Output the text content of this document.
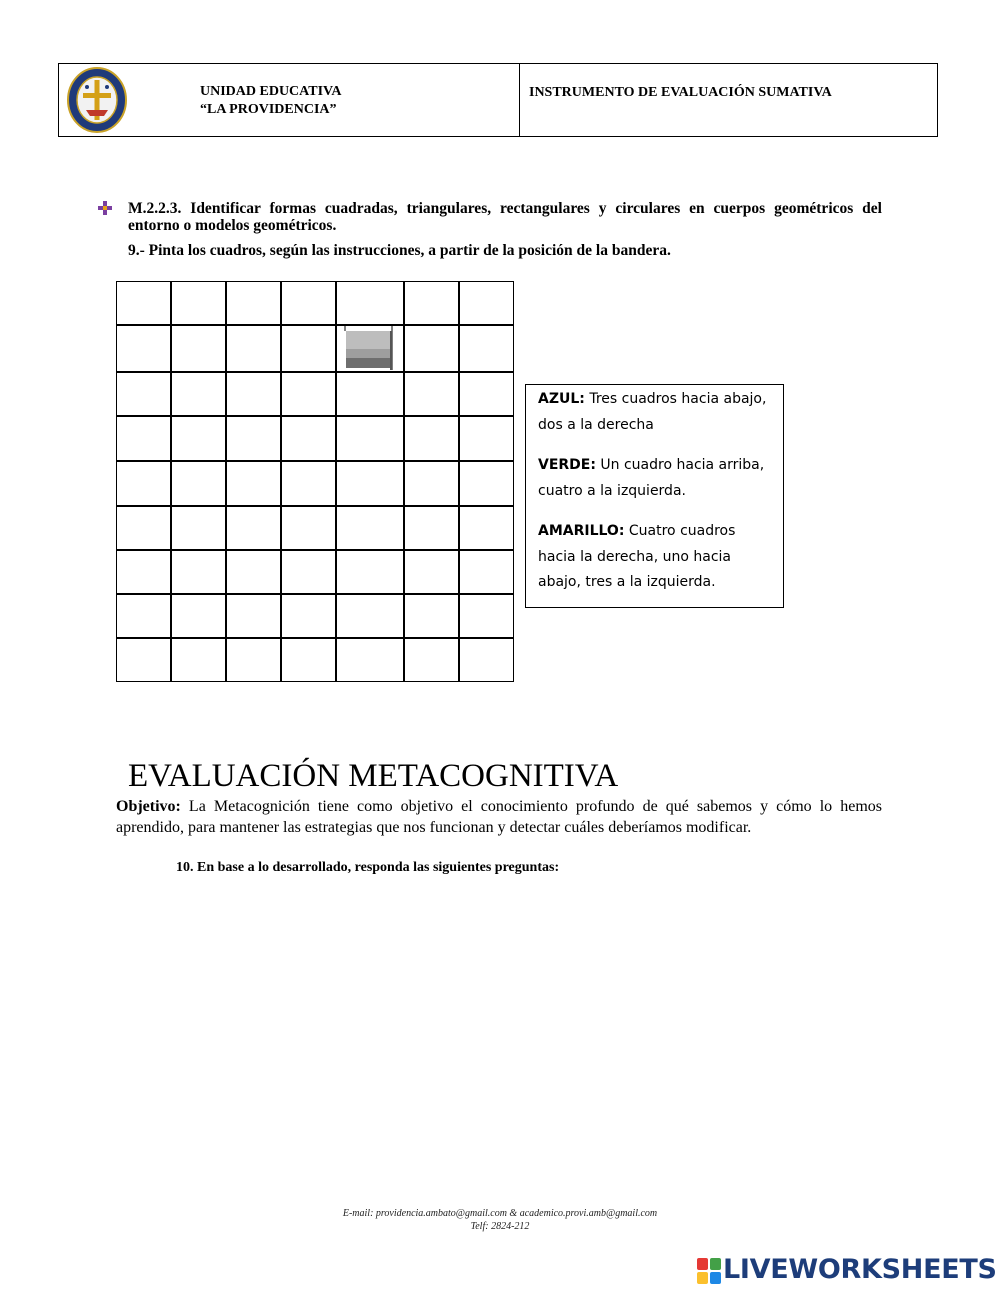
UNIDAD EDUCATIVA
“LA PROVIDENCIA”
INSTRUMENTO DE EVALUACIÓN SUMATIVA
M.2.2.3. Identificar formas cuadradas, triangulares, rectangulares y circulares en cuerpos geométricos del entorno o modelos geométricos.
9.- Pinta los cuadros, según las instrucciones, a partir de la posición de la bandera.

AZUL: Tres cuadros hacia abajo, dos a la derecha

VERDE: Un cuadro hacia arriba, cuatro a la izquierda.

AMARILLO: Cuatro cuadros hacia la derecha, uno hacia abajo, tres a la izquierda.

EVALUACIÓN METACOGNITIVA
Objetivo: La Metacognición tiene como objetivo el conocimiento profundo de qué sabemos y cómo lo hemos aprendido, para mantener las estrategias que nos funcionan y detectar cuáles deberíamos modificar.
10. En base a lo desarrollado, responda las siguientes preguntas:
E-mail: providencia.ambato@gmail.com & academico.provi.amb@gmail.com
Telf: 2824-212
LIVEWORKSHEETS
